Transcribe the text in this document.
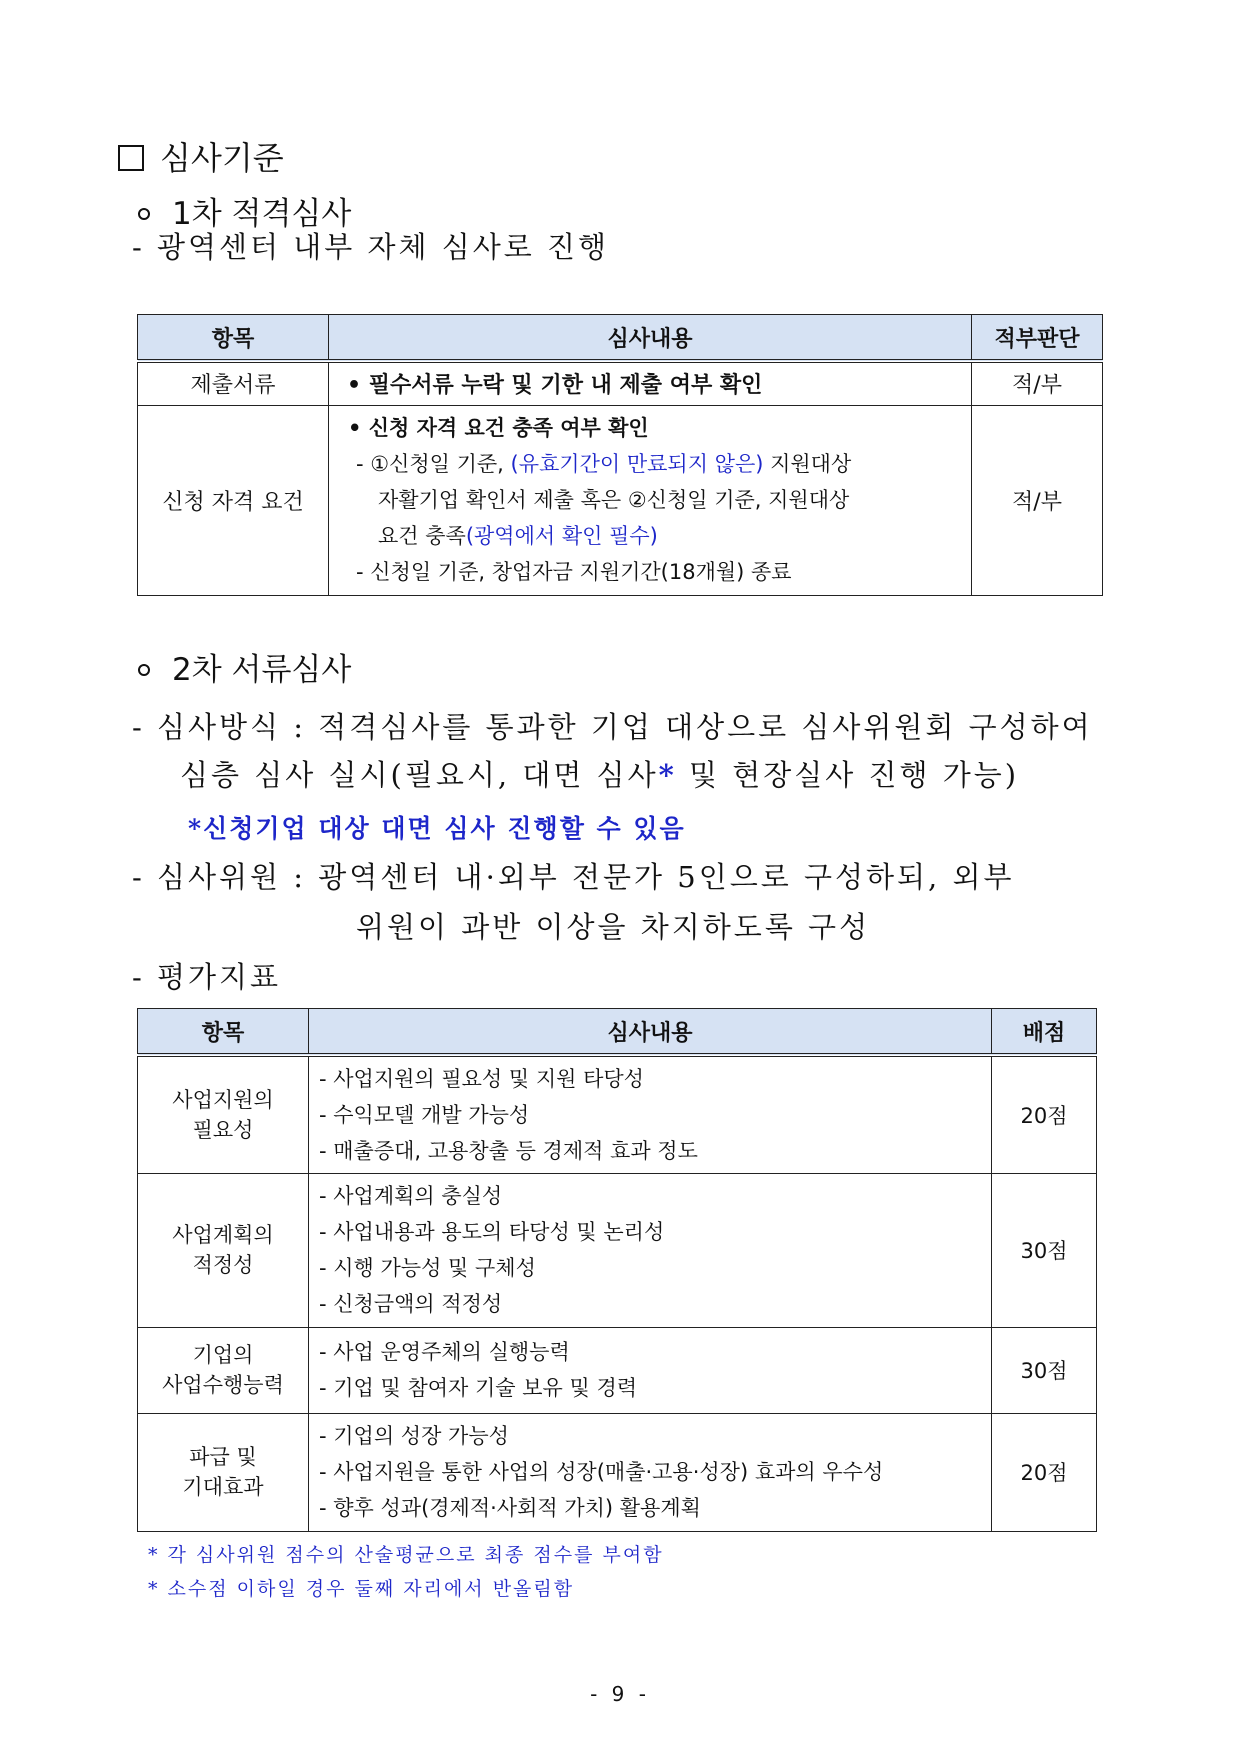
심사기준
1차 적격심사
- 광역센터 내부 자체 심사로 진행
항목	심사내용	적부판단
제출서류	• 필수서류 누락 및 기한 내 제출 여부 확인	적/부
신청 자격 요건	• 신청 자격 요건 충족 여부 확인
- ①신청일 기준, (유효기간이 만료되지 않은) 지원대상
자활기업 확인서 제출 혹은 ②신청일 기준, 지원대상
요건 충족(광역에서 확인 필수)
- 신청일 기준, 창업자금 지원기간(18개월) 종료	적/부
2차 서류심사
- 심사방식 : 적격심사를 통과한 기업 대상으로 심사위원회 구성하여
심층 심사 실시(필요시, 대면 심사* 및 현장실사 진행 가능)
*신청기업 대상 대면 심사 진행할 수 있음
- 심사위원 : 광역센터 내·외부 전문가 5인으로 구성하되, 외부
위원이 과반 이상을 차지하도록 구성
- 평가지표
항목	심사내용	배점
사업지원의
필요성	- 사업지원의 필요성 및 지원 타당성
- 수익모델 개발 가능성
- 매출증대, 고용창출 등 경제적 효과 정도	20점
사업계획의
적정성	- 사업계획의 충실성
- 사업내용과 용도의 타당성 및 논리성
- 시행 가능성 및 구체성
- 신청금액의 적정성	30점
기업의
사업수행능력	- 사업 운영주체의 실행능력
- 기업 및 참여자 기술 보유 및 경력	30점
파급 및
기대효과	- 기업의 성장 가능성
- 사업지원을 통한 사업의 성장(매출·고용·성장) 효과의 우수성
- 향후 성과(경제적·사회적 가치) 활용계획	20점
* 각 심사위원 점수의 산술평균으로 최종 점수를 부여함
* 소수점 이하일 경우 둘째 자리에서 반올림함
- 9 -
